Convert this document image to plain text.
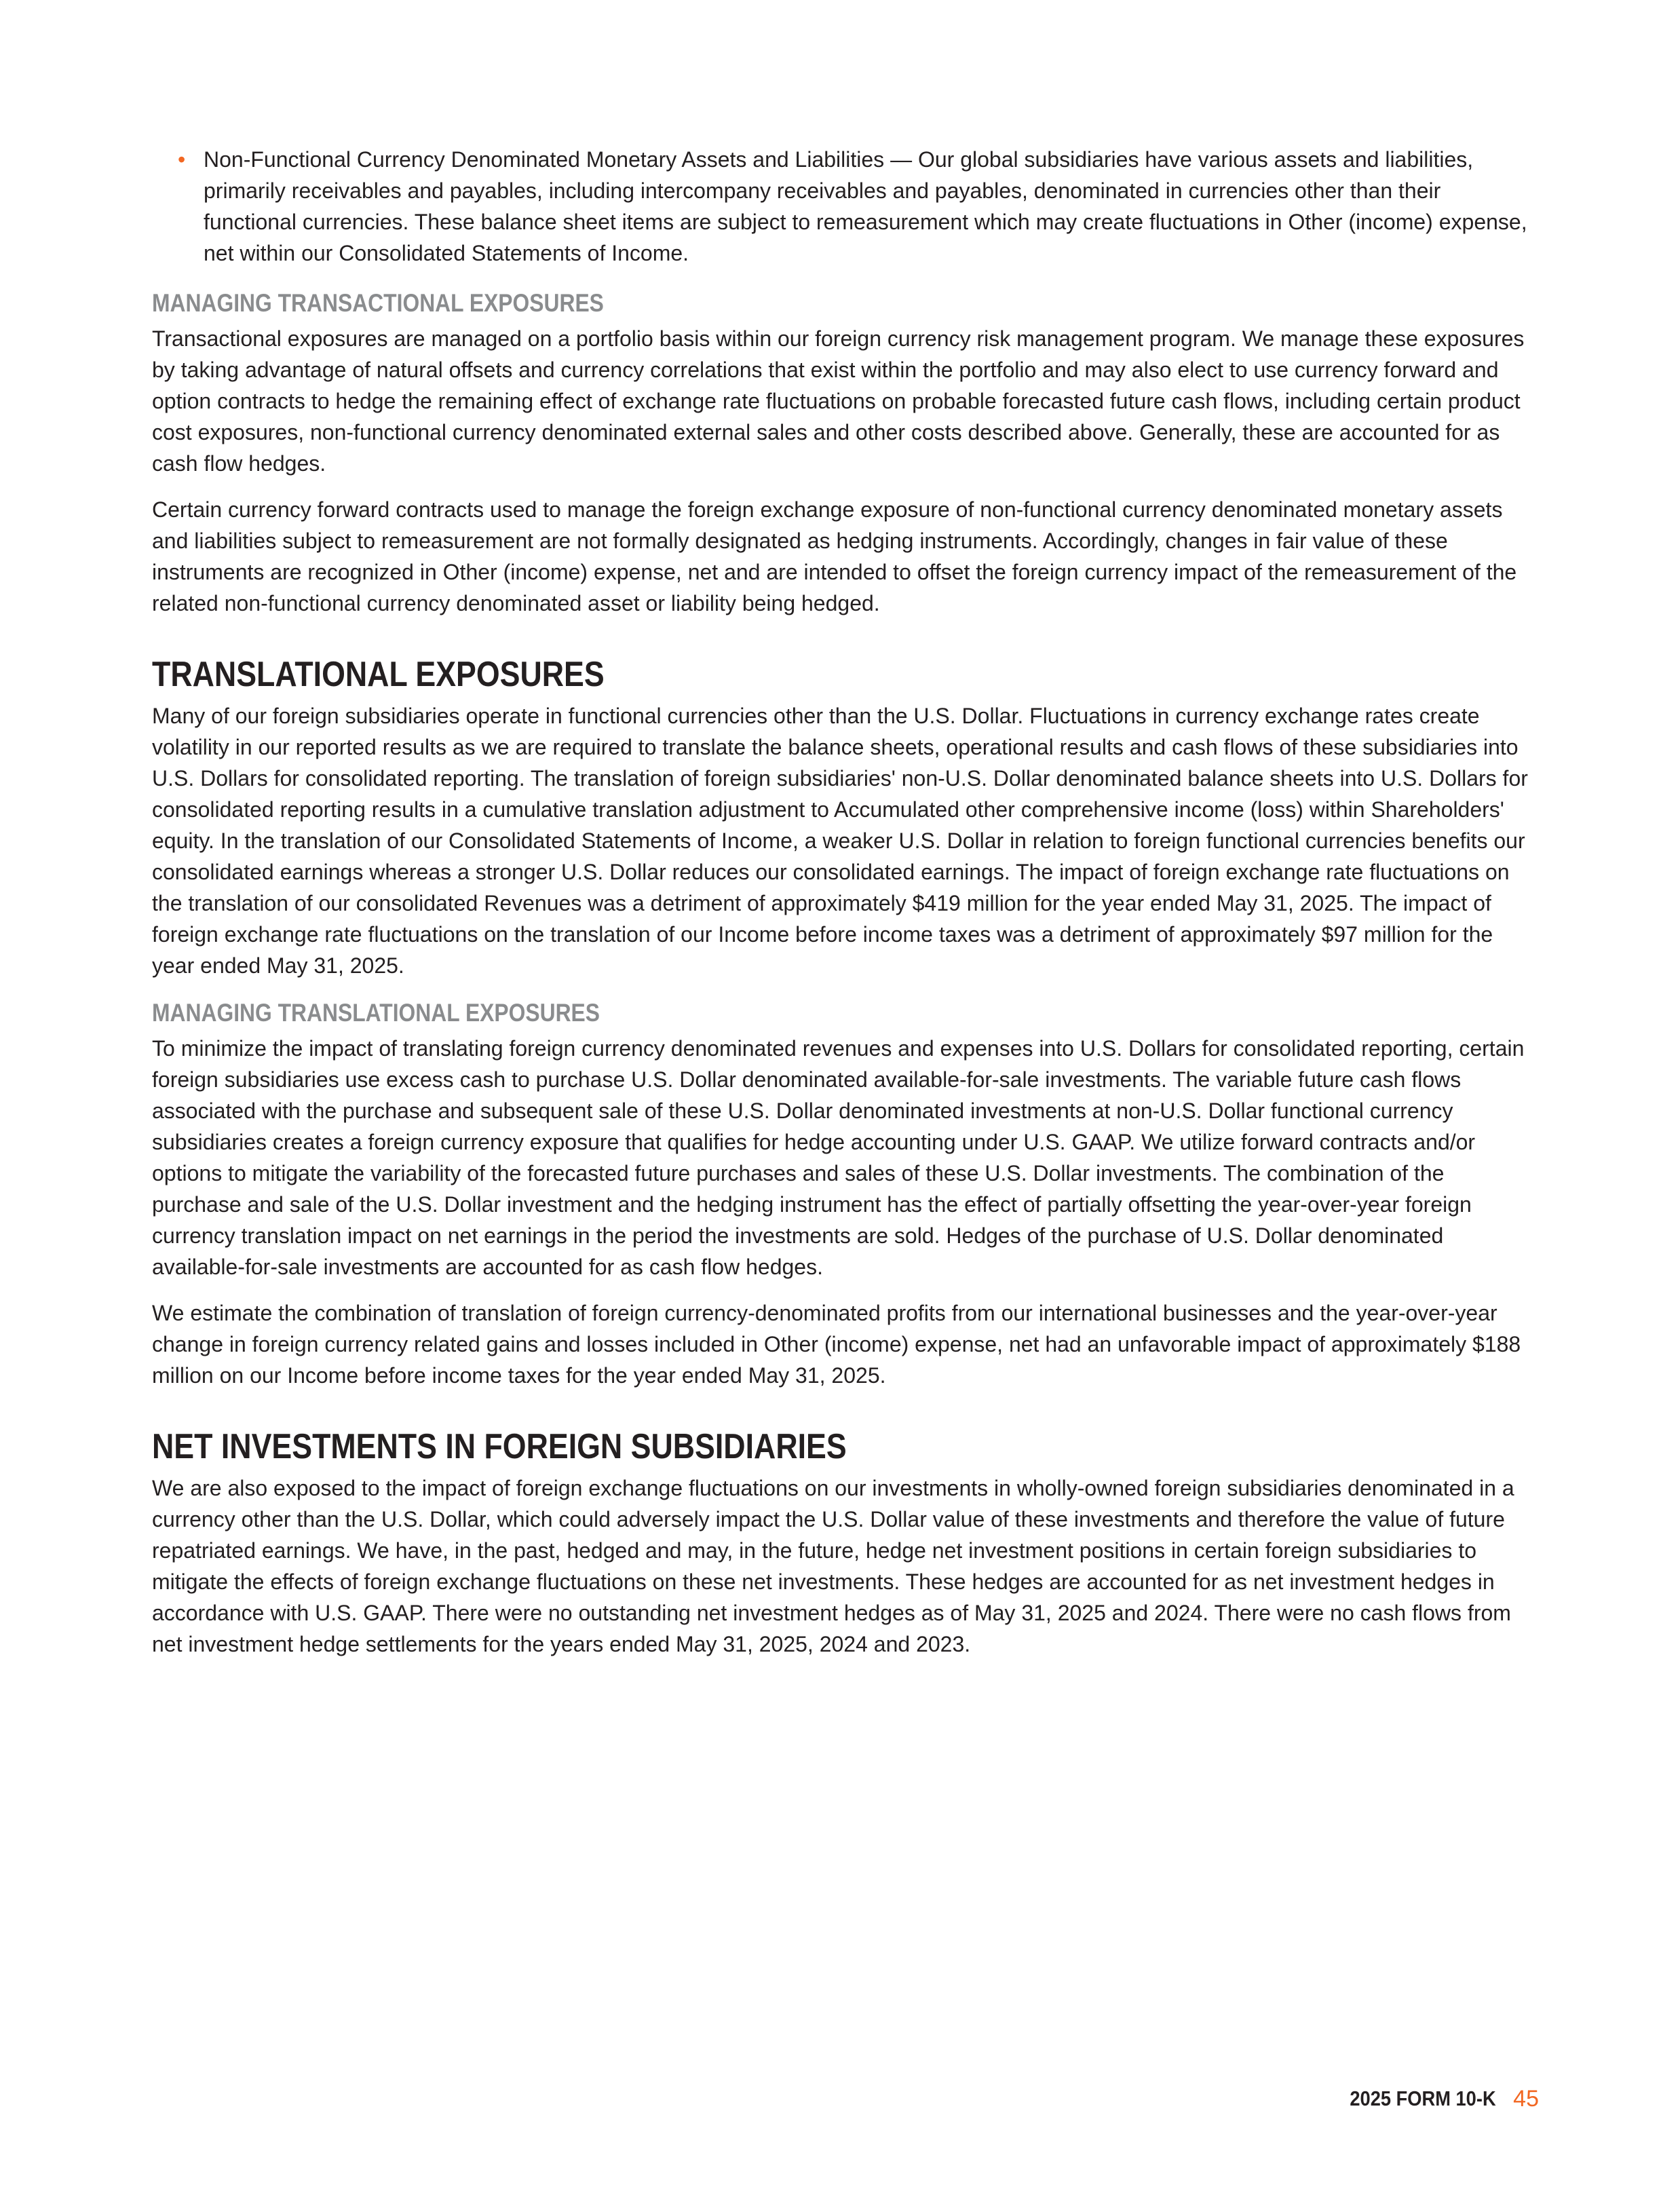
• Non-Functional Currency Denominated Monetary Assets and Liabilities — Our global subsidiaries have various assets and liabilities, primarily receivables and payables, including intercompany receivables and payables, denominated in currencies other than their functional currencies. These balance sheet items are subject to remeasurement which may create fluctuations in Other (income) expense, net within our Consolidated Statements of Income.
MANAGING TRANSACTIONAL EXPOSURES

Transactional exposures are managed on a portfolio basis within our foreign currency risk management program. We manage these exposures by taking advantage of natural offsets and currency correlations that exist within the portfolio and may also elect to use currency forward and option contracts to hedge the remaining effect of exchange rate fluctuations on probable forecasted future cash flows, including certain product cost exposures, non-functional currency denominated external sales and other costs described above. Generally, these are accounted for as cash flow hedges.

Certain currency forward contracts used to manage the foreign exchange exposure of non-functional currency denominated monetary assets and liabilities subject to remeasurement are not formally designated as hedging instruments. Accordingly, changes in fair value of these instruments are recognized in Other (income) expense, net and are intended to offset the foreign currency impact of the remeasurement of the related non-functional currency denominated asset or liability being hedged.

TRANSLATIONAL EXPOSURES

Many of our foreign subsidiaries operate in functional currencies other than the U.S. Dollar. Fluctuations in currency exchange rates create volatility in our reported results as we are required to translate the balance sheets, operational results and cash flows of these subsidiaries into U.S. Dollars for consolidated reporting. The translation of foreign subsidiaries' non-U.S. Dollar denominated balance sheets into U.S. Dollars for consolidated reporting results in a cumulative translation adjustment to Accumulated other comprehensive income (loss) within Shareholders' equity. In the translation of our Consolidated Statements of Income, a weaker U.S. Dollar in relation to foreign functional currencies benefits our consolidated earnings whereas a stronger U.S. Dollar reduces our consolidated earnings. The impact of foreign exchange rate fluctuations on the translation of our consolidated Revenues was a detriment of approximately $419 million for the year ended May 31, 2025. The impact of foreign exchange rate fluctuations on the translation of our Income before income taxes was a detriment of approximately $97 million for the year ended May 31, 2025.

MANAGING TRANSLATIONAL EXPOSURES

To minimize the impact of translating foreign currency denominated revenues and expenses into U.S. Dollars for consolidated reporting, certain foreign subsidiaries use excess cash to purchase U.S. Dollar denominated available-for-sale investments. The variable future cash flows associated with the purchase and subsequent sale of these U.S. Dollar denominated investments at non-U.S. Dollar functional currency subsidiaries creates a foreign currency exposure that qualifies for hedge accounting under U.S. GAAP. We utilize forward contracts and/or options to mitigate the variability of the forecasted future purchases and sales of these U.S. Dollar investments. The combination of the purchase and sale of the U.S. Dollar investment and the hedging instrument has the effect of partially offsetting the year-over-year foreign currency translation impact on net earnings in the period the investments are sold. Hedges of the purchase of U.S. Dollar denominated available-for-sale investments are accounted for as cash flow hedges.

We estimate the combination of translation of foreign currency-denominated profits from our international businesses and the year-over-year change in foreign currency related gains and losses included in Other (income) expense, net had an unfavorable impact of approximately $188 million on our Income before income taxes for the year ended May 31, 2025.

NET INVESTMENTS IN FOREIGN SUBSIDIARIES

We are also exposed to the impact of foreign exchange fluctuations on our investments in wholly-owned foreign subsidiaries denominated in a currency other than the U.S. Dollar, which could adversely impact the U.S. Dollar value of these investments and therefore the value of future repatriated earnings. We have, in the past, hedged and may, in the future, hedge net investment positions in certain foreign subsidiaries to mitigate the effects of foreign exchange fluctuations on these net investments. These hedges are accounted for as net investment hedges in accordance with U.S. GAAP. There were no outstanding net investment hedges as of May 31, 2025 and 2024. There were no cash flows from net investment hedge settlements for the years ended May 31, 2025, 2024 and 2023.

2025 FORM 10-K 45
